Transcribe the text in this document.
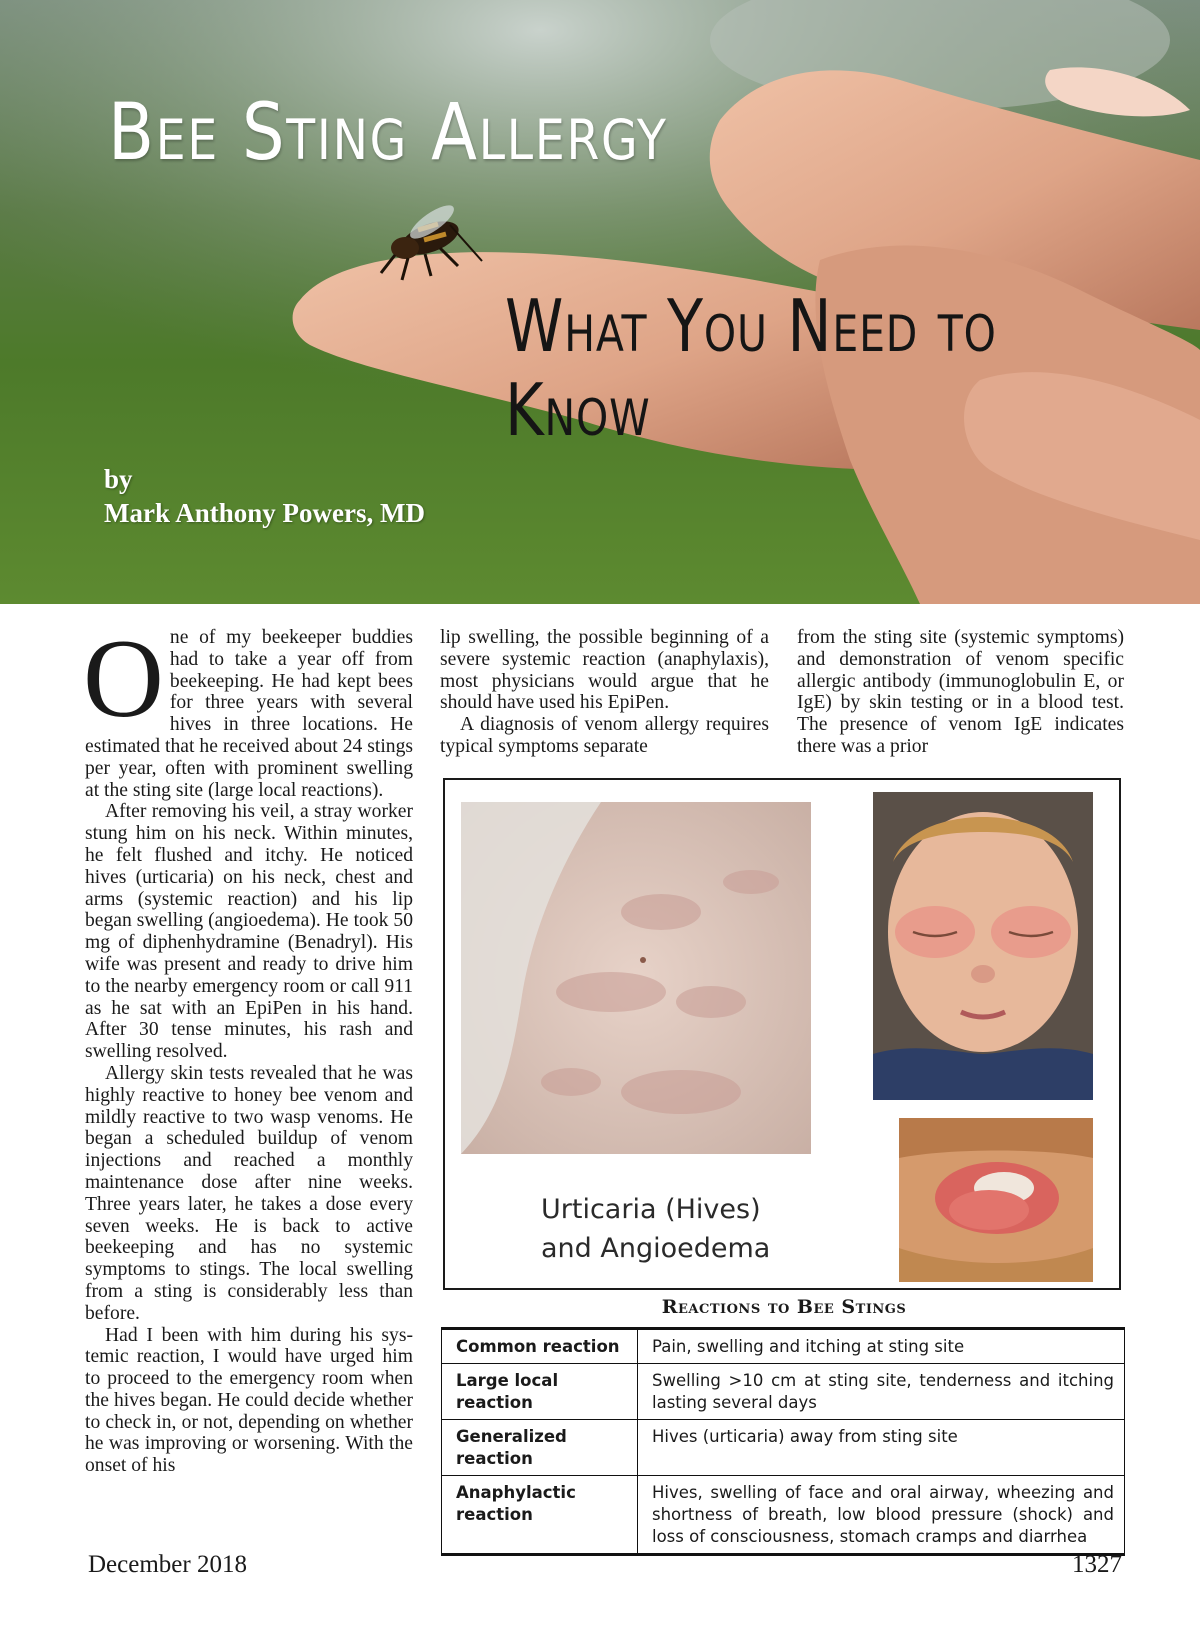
Bee Sting Allergy
What You Need to Know
by
Mark Anthony Powers, MD

One of my beekeeper buddies had to take a year off from beekeeping. He had kept bees for three years with several hives in three locations. He estimated that he received about 24 stings per year, often with prominent swelling at the sting site (large local reactions).

After removing his veil, a stray worker stung him on his neck. Within minutes, he felt flushed and itchy. He noticed hives (urticaria) on his neck, chest and arms (systemic reaction) and his lip began swelling (angioedema). He took 50 mg of diphenhydramine (Benadryl). His wife was present and ready to drive him to the nearby emergency room or call 911 as he sat with an EpiPen in his hand. After 30 tense minutes, his rash and swelling resolved.

Allergy skin tests revealed that he was highly reactive to honey bee venom and mildly reactive to two wasp venoms. He began a scheduled buildup of venom injections and reached a monthly maintenance dose after nine weeks. Three years later, he takes a dose every seven weeks. He is back to active beekeeping and has no systemic symptoms to stings. The local swelling from a sting is considerably less than before.

Had I been with him during his systemic reaction, I would have urged him to proceed to the emergency room when the hives began. He could decide whether to check in, or not, depending on whether he was improving or worsening. With the onset of his

lip swelling, the possible beginning of a severe systemic reaction (anaphylaxis), most physicians would argue that he should have used his EpiPen.

A diagnosis of venom allergy requires typical symptoms separate

from the sting site (systemic symptoms) and demonstration of venom specific allergic antibody (immunoglobulin E, or IgE) by skin testing or in a blood test. The presence of venom IgE indicates there was a prior

Urticaria (Hives)
and Angioedema
Reactions to Bee Stings
Common reaction	Pain, swelling and itching at sting site
Large local reaction	Swelling >10 cm at sting site, tenderness and itching lasting several days
Generalized reaction	Hives (urticaria) away from sting site
Anaphylactic reaction	Hives, swelling of face and oral airway, wheezing and shortness of breath, low blood pressure (shock) and loss of consciousness, stomach cramps and diarrhea
December 2018	1327
